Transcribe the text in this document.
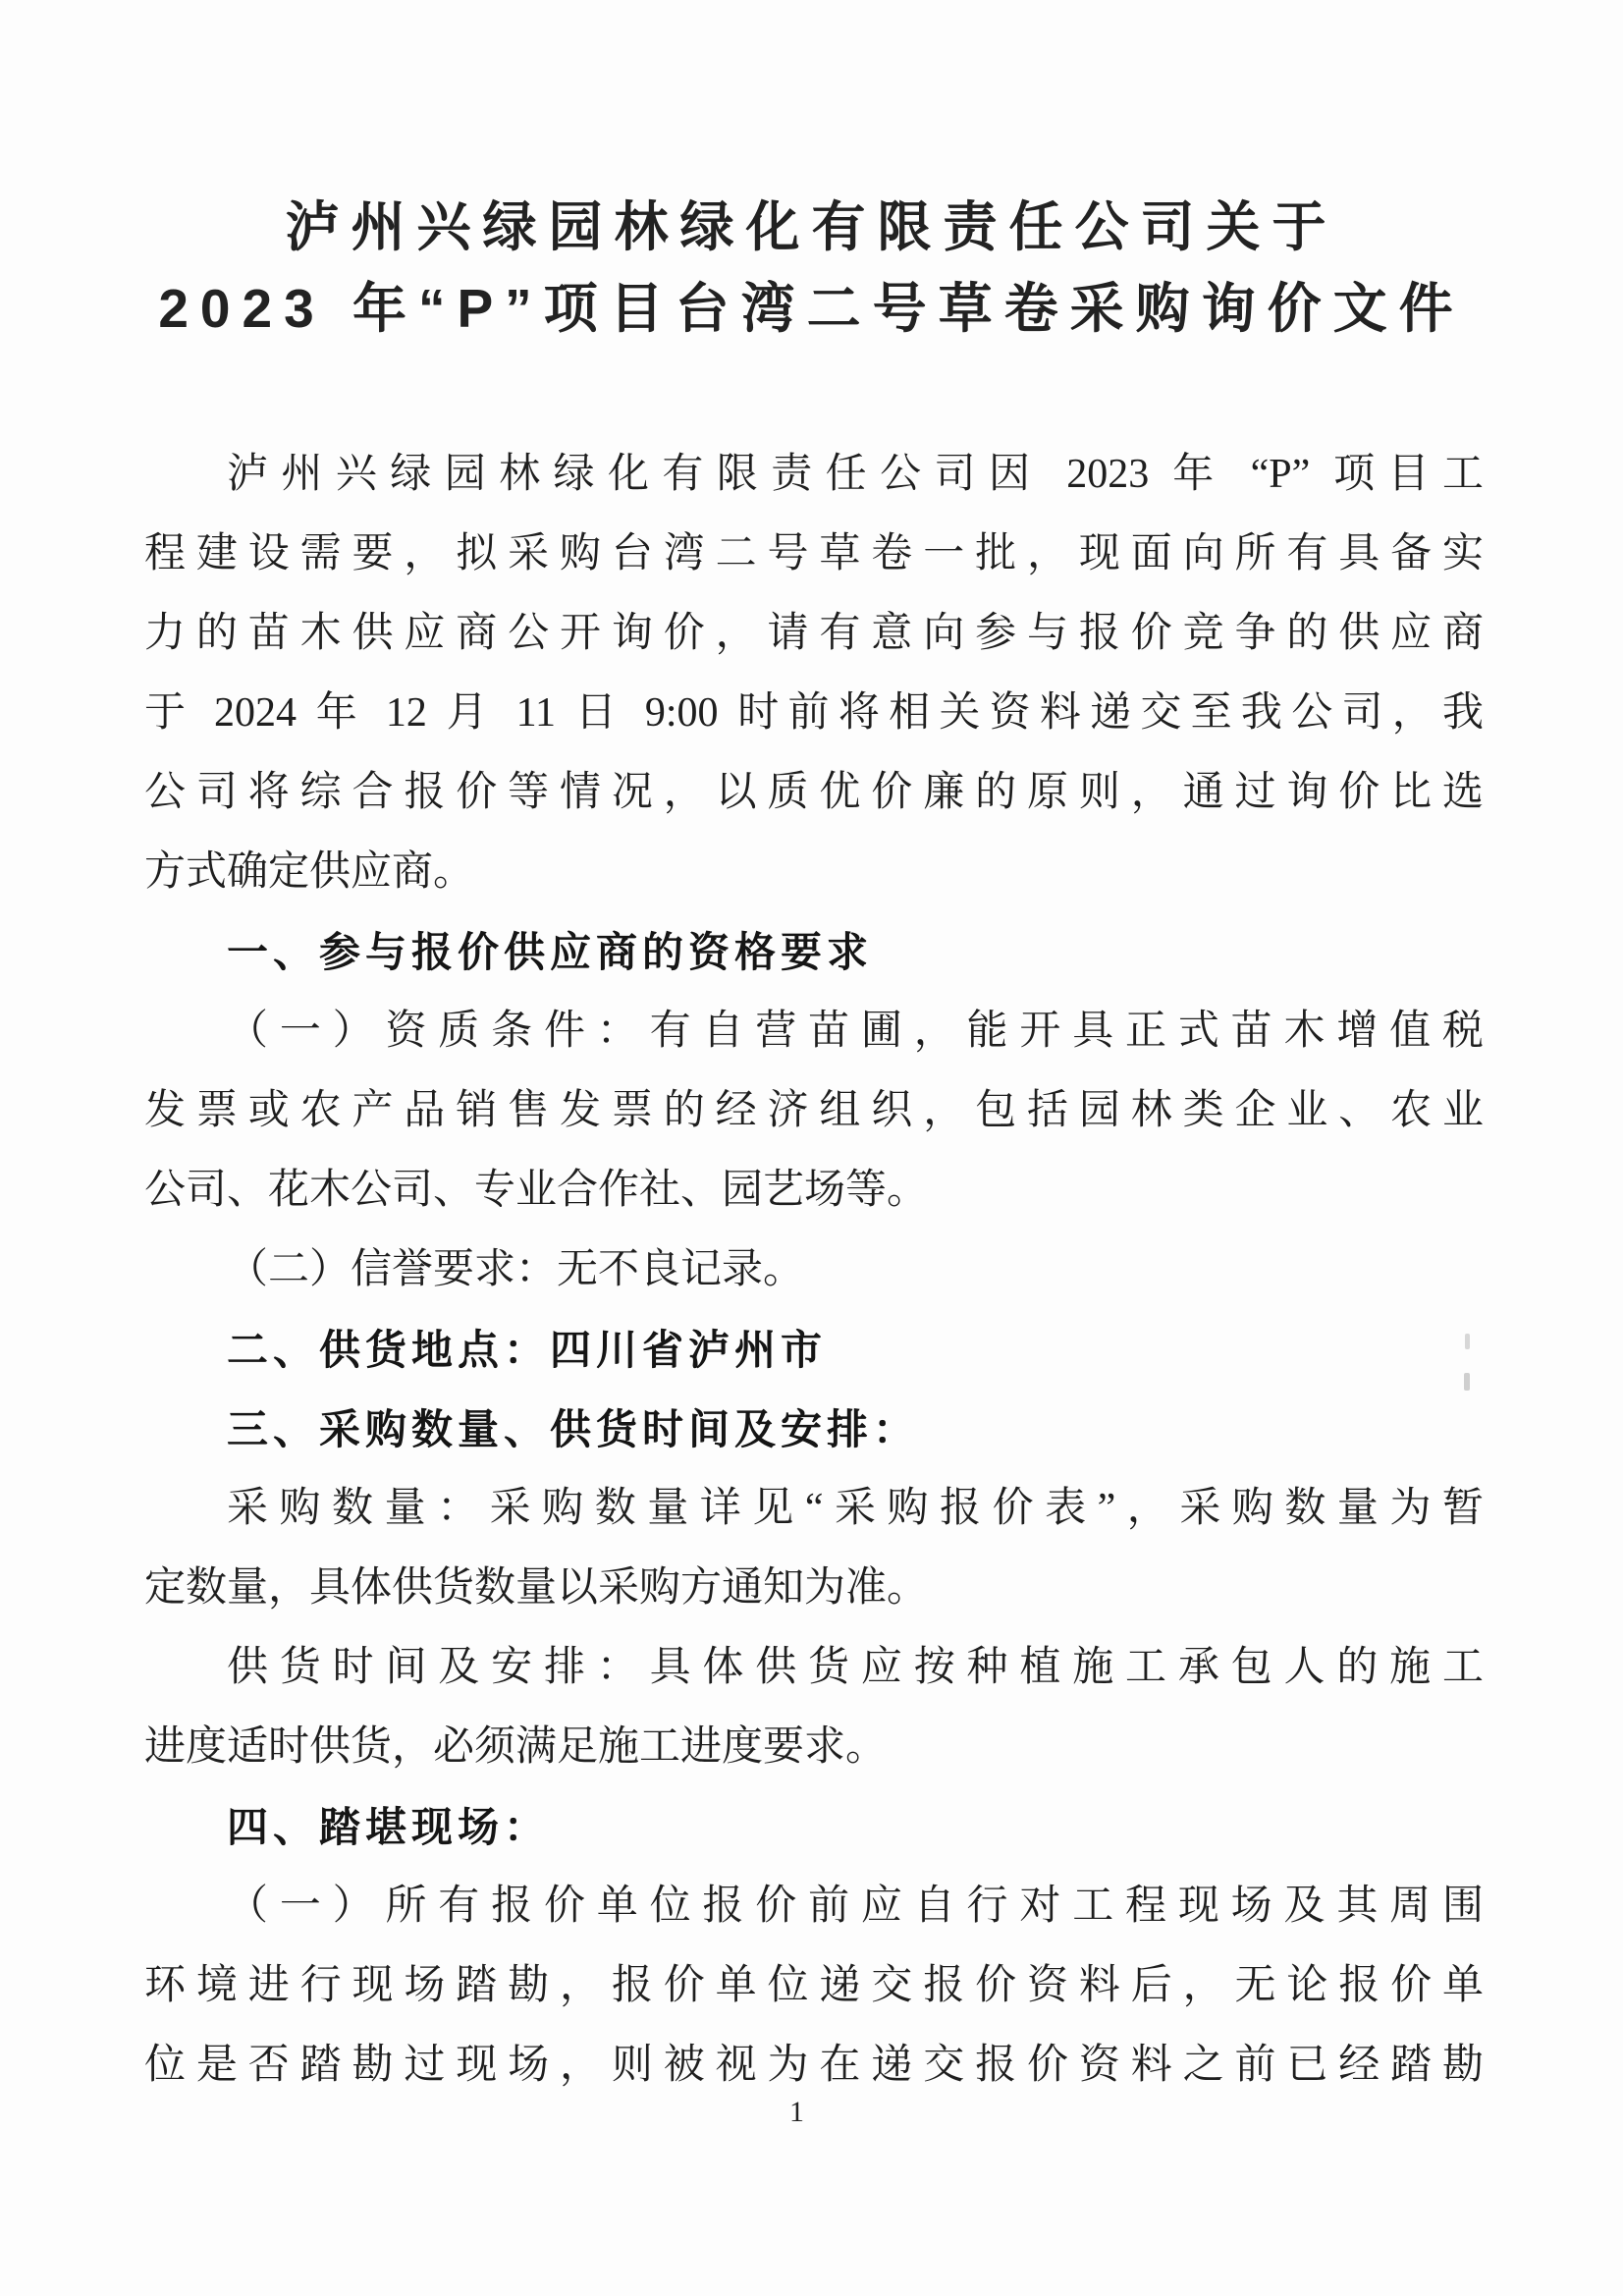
泸州兴绿园林绿化有限责任公司关于
2023 年“P”项目台湾二号草卷采购询价文件
泸州兴绿园林绿化有限责任公司因 2023 年 “P” 项目工
程建设需要，拟采购台湾二号草卷一批，现面向所有具备实
力的苗木供应商公开询价，请有意向参与报价竞争的供应商
于 2024 年 12 月 11 日 9:00 时前将相关资料递交至我公司，我
公司将综合报价等情况，以质优价廉的原则，通过询价比选
方式确定供应商。
一、参与报价供应商的资格要求
（一）资质条件：有自营苗圃，能开具正式苗木增值税
发票或农产品销售发票的经济组织，包括园林类企业、农业
公司、花木公司、专业合作社、园艺场等。
（二）信誉要求：无不良记录。
二、供货地点：四川省泸州市
三、采购数量、供货时间及安排：
采购数量：采购数量详见“采购报价表”，采购数量为暂
定数量，具体供货数量以采购方通知为准。
供货时间及安排：具体供货应按种植施工承包人的施工
进度适时供货，必须满足施工进度要求。
四、踏堪现场：
（一）所有报价单位报价前应自行对工程现场及其周围
环境进行现场踏勘，报价单位递交报价资料后，无论报价单
位是否踏勘过现场，则被视为在递交报价资料之前已经踏勘
1
